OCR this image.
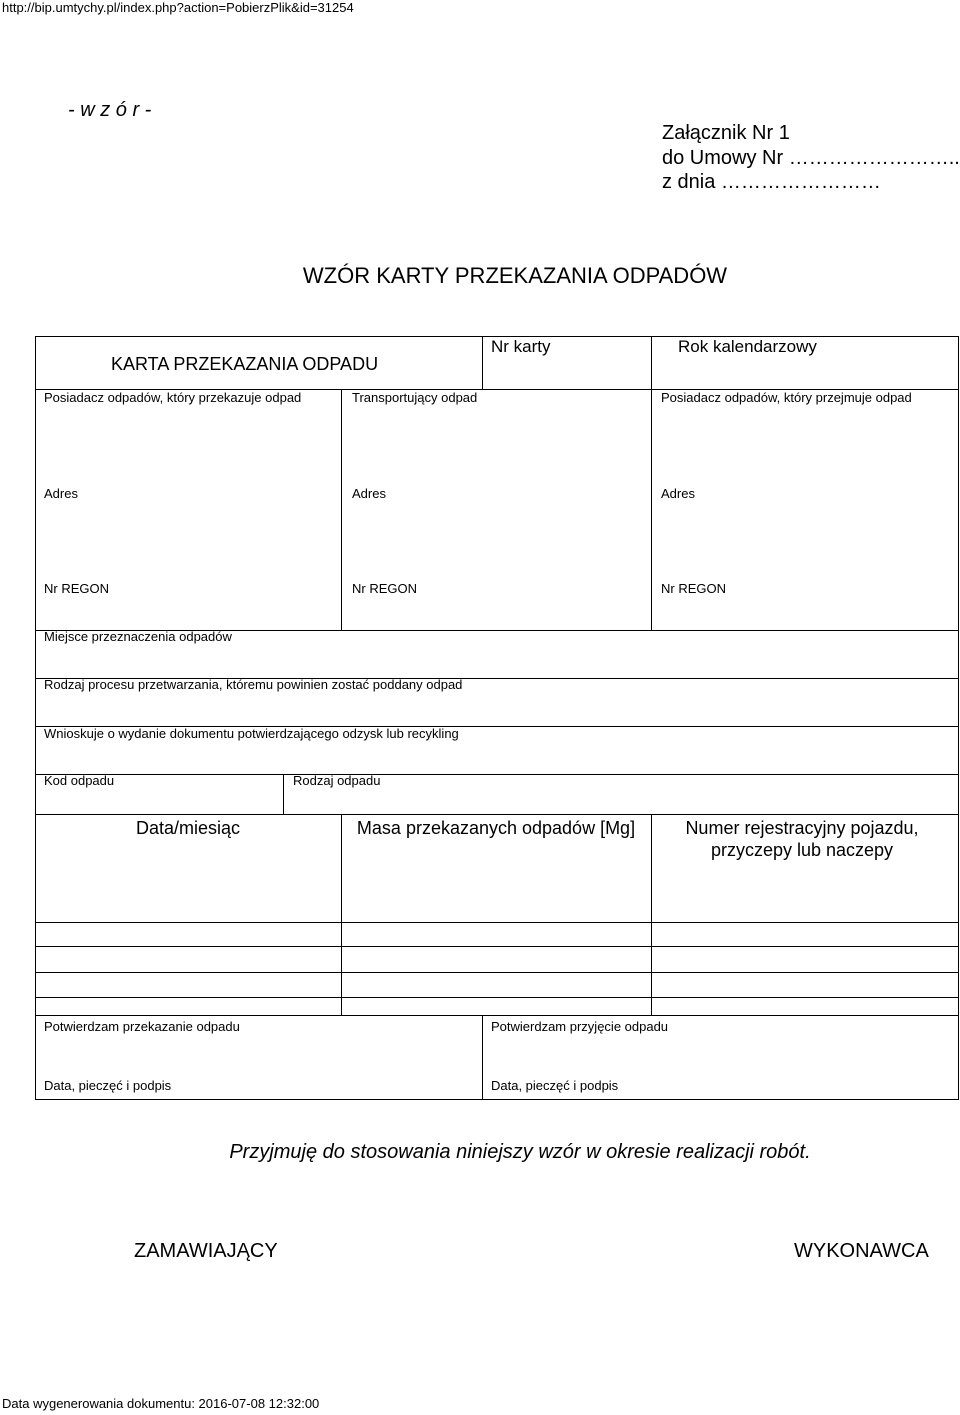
http://bip.umtychy.pl/index.php?action=PobierzPlik&id=31254
- w z ó r -
Załącznik Nr 1
do Umowy Nr ……………………..
z dnia ……………………
WZÓR KARTY PRZEKAZANIA ODPADÓW
KARTA PRZEKAZANIA ODPADU
Nr karty	Rok kalendarzowy
Posiadacz odpadów, który przekazuje odpad	Transportujący odpad	Posiadacz odpadów, który przejmuje odpad
Adres	Adres	Adres
Nr REGON	Nr REGON	Nr REGON
Miejsce przeznaczenia odpadów
Rodzaj procesu przetwarzania, któremu powinien zostać poddany odpad
Wnioskuje o wydanie dokumentu potwierdzającego odzysk lub recykling
Kod odpadu	Rodzaj odpadu
Data/miesiąc	Masa przekazanych odpadów [Mg]	Numer rejestracyjny pojazdu, przyczepy lub naczepy
Potwierdzam przekazanie odpadu	Potwierdzam przyjęcie odpadu
Data, pieczęć i podpis	Data, pieczęć i podpis
Przyjmuję do stosowania niniejszy wzór w okresie realizacji robót.
ZAMAWIAJĄCY	WYKONAWCA
Data wygenerowania dokumentu: 2016-07-08 12:32:00
